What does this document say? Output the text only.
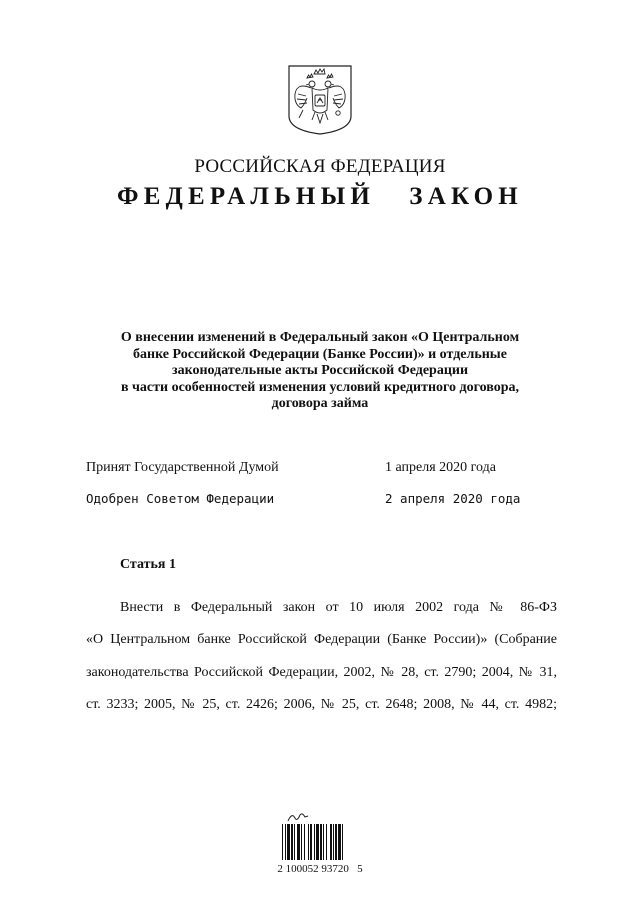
РОССИЙСКАЯ ФЕДЕРАЦИЯ
ФЕДЕРАЛЬНЫЙ   ЗАКОН
О внесении изменений в Федеральный закон «О Центральном
банке Российской Федерации (Банке России)» и отдельные
законодательные акты Российской Федерации
в части особенностей изменения условий кредитного договора,
договора займа
Принят Государственной Думой	1 апреля 2020 года
Одобрен Советом Федерации	2 апреля 2020 года
Статья 1
Внести в Федеральный закон от 10 июля 2002 года № 86-ФЗ
«О Центральном банке Российской Федерации (Банке России)» (Собрание
законодательства Российской Федерации, 2002, № 28, ст. 2790; 2004, № 31,
ст. 3233; 2005, № 25, ст. 2426; 2006, № 25, ст. 2648; 2008, № 44, ст. 4982;
2 100052 93720   5
